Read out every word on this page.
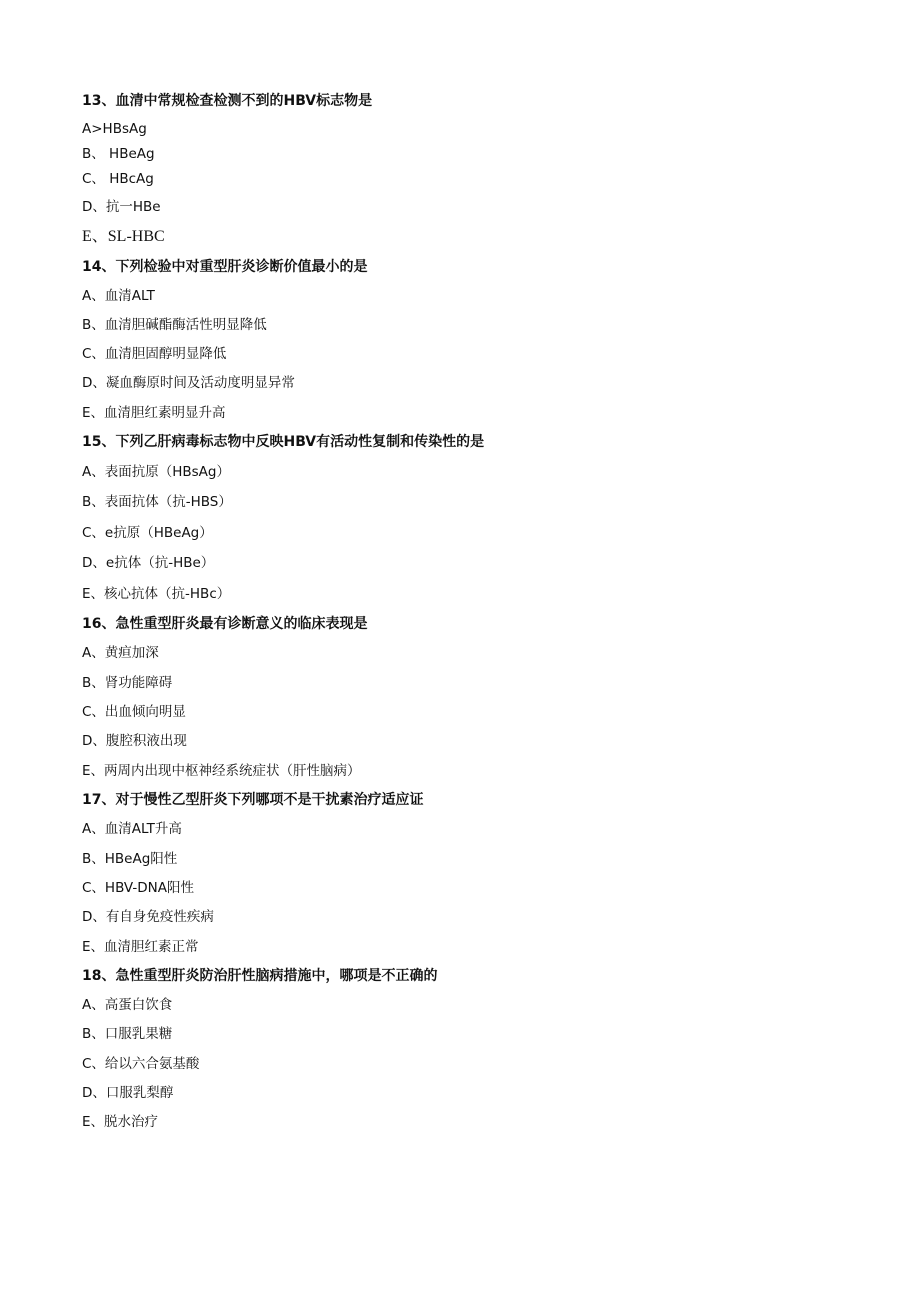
13、血清中常规检查检测不到的HBV标志物是

A>HBsAg

B、 HBeAg

C、 HBcAg

D、抗一HBe

E、SL-HBC

14、下列检验中对重型肝炎诊断价值最小的是

A、血清ALT

B、血清胆碱酯酶活性明显降低

C、血清胆固醇明显降低

D、凝血酶原时间及活动度明显异常

E、血清胆红素明显升高

15、下列乙肝病毒标志物中反映HBV有活动性复制和传染性的是

A、表面抗原（HBsAg）

B、表面抗体（抗-HBS）

C、e抗原（HBeAg）

D、e抗体（抗-HBe）

E、核心抗体（抗-HBc）

16、急性重型肝炎最有诊断意义的临床表现是

A、黄疸加深

B、肾功能障碍

C、出血倾向明显

D、腹腔积液出现

E、两周内出现中枢神经系统症状（肝性脑病）

17、对于慢性乙型肝炎下列哪项不是干扰素治疗适应证

A、血清ALT升高

B、HBeAg阳性

C、HBV-DNA阳性

D、有自身免疫性疾病

E、血清胆红素正常

18、急性重型肝炎防治肝性脑病措施中，哪项是不正确的

A、高蛋白饮食

B、口服乳果糖

C、给以六合氨基酸

D、口服乳梨醇

E、脱水治疗
